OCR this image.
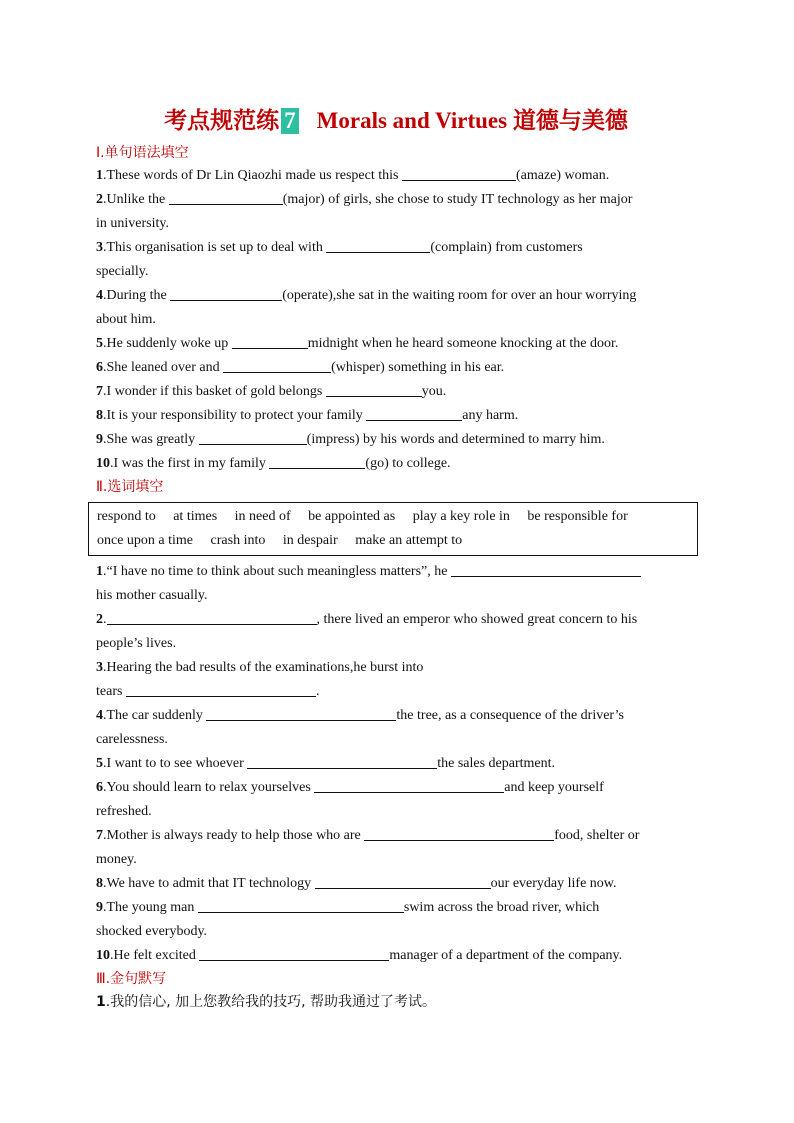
考点规范练 7 Morals and Virtues 道德与美德
Ⅰ.单句语法填空
1.These words of Dr Lin Qiaozhi made us respect this	(amaze) woman.
2.Unlike the	(major) of girls, she chose to study IT technology as her major
in university.
3.This organisation is set up to deal with	(complain) from customers
specially.
4.During the	(operate),she sat in the waiting room for over an hour worrying
about him.
5.He suddenly woke up	midnight when he heard someone knocking at the door.
6.She leaned over and	(whisper) something in his ear.
7.I wonder if this basket of gold belongs	you.
8.It is your responsibility to protect your family	any harm.
9.She was greatly	(impress) by his words and determined to marry him.
10.I was the first in my family	(go) to college.
Ⅱ.选词填空
respond to at times in need of be appointed as play a key role in be responsible for
once upon a time crash into in despair make an attempt to
1.“I have no time to think about such meaningless matters”, he
his mother casually.
2.	, there lived an emperor who showed great concern to his
people’s lives.
3.Hearing the bad results of the examinations,he burst into
tears	.
4.The car suddenly	the tree, as a consequence of the driver’s
carelessness.
5.I want to to see whoever	the sales department.
6.You should learn to relax yourselves	and keep yourself
refreshed.
7.Mother is always ready to help those who are	food, shelter or
money.
8.We have to admit that IT technology	our everyday life now.
9.The young man	swim across the broad river, which
shocked everybody.
10.He felt excited	manager of a department of the company.
Ⅲ.金句默写
1.我的信心, 加上您教给我的技巧, 帮助我通过了考试。
